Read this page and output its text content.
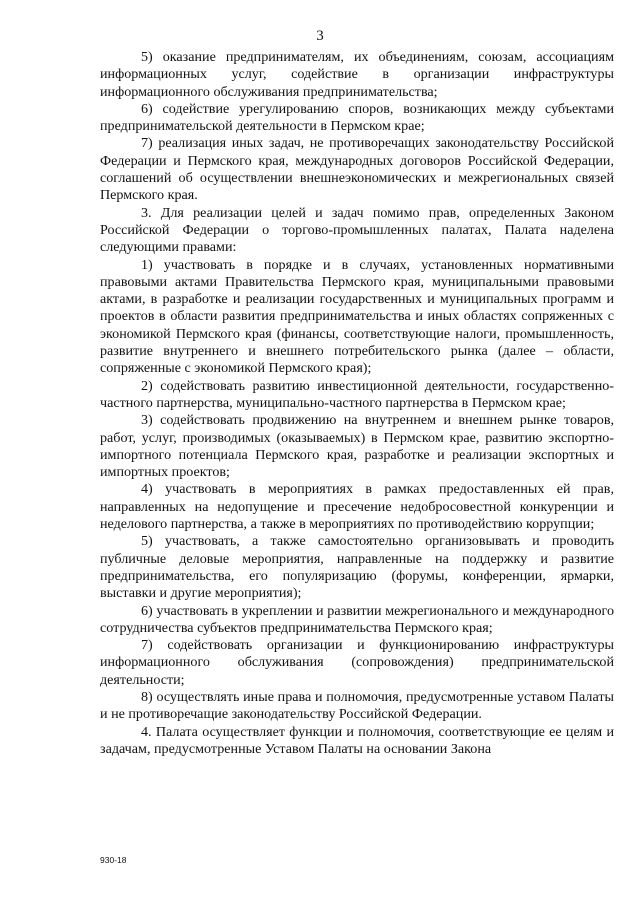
3

5) оказание предпринимателям, их объединениям, союзам, ассоциациям информационных услуг, содействие в организации инфраструктуры информационного обслуживания предпринимательства;

6) содействие урегулированию споров, возникающих между субъектами предпринимательской деятельности в Пермском крае;

7) реализация иных задач, не противоречащих законодательству Российской Федерации и Пермского края, международных договоров Российской Федерации, соглашений об осуществлении внешнеэкономических и межрегиональных связей Пермского края.

3. Для реализации целей и задач помимо прав, определенных Законом Российской Федерации о торгово-промышленных палатах, Палата наделена следующими правами:

1) участвовать в порядке и в случаях, установленных нормативными правовыми актами Правительства Пермского края, муниципальными правовыми актами, в разработке и реализации государственных и муниципальных программ и проектов в области развития предпринимательства и иных областях сопряженных с экономикой Пермского края (финансы, соответствующие налоги, промышленность, развитие внутреннего и внешнего потребительского рынка (далее – области, сопряженные с экономикой Пермского края);

2) содействовать развитию инвестиционной деятельности, государственно-частного партнерства, муниципально-частного партнерства в Пермском крае;

3) содействовать продвижению на внутреннем и внешнем рынке товаров, работ, услуг, производимых (оказываемых) в Пермском крае, развитию экспортно-импортного потенциала Пермского края, разработке и реализации экспортных и импортных проектов;

4) участвовать в мероприятиях в рамках предоставленных ей прав, направленных на недопущение и пресечение недобросовестной конкуренции и неделового партнерства, а также в мероприятиях по противодействию коррупции;

5) участвовать, а также самостоятельно организовывать и проводить публичные деловые мероприятия, направленные на поддержку и развитие предпринимательства, его популяризацию (форумы, конференции, ярмарки, выставки и другие мероприятия);

6) участвовать в укреплении и развитии межрегионального и международного сотрудничества субъектов предпринимательства Пермского края;

7) содействовать организации и функционированию инфраструктуры информационного обслуживания (сопровождения) предпринимательской деятельности;

8) осуществлять иные права и полномочия, предусмотренные уставом Палаты и не противоречащие законодательству Российской Федерации.

4. Палата осуществляет функции и полномочия, соответствующие ее целям и задачам, предусмотренные Уставом Палаты на основании Закона

930-18
